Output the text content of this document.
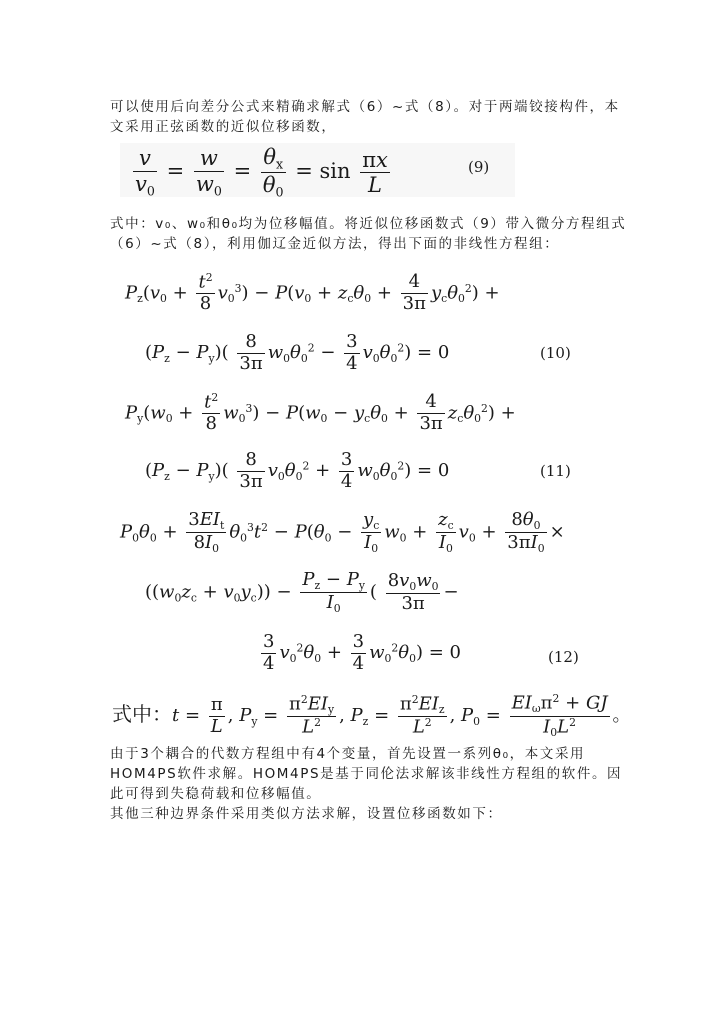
可以使用后向差分公式来精确求解式（6）~式（8）。对于两端铰接构件，本文采用正弦函数的近似位移函数，

$\frac{v}{v_0} = \frac{w}{w_0} = \frac{\theta_x}{\theta_0} = \sin \frac{\pi x}{L}$	(9)

式中：v₀、w₀和θ₀均为位移幅值。将近似位移函数式（9）带入微分方程组式（6）~式（8），利用伽辽金近似方法，得出下面的非线性方程组：

$P_z(v_0 + \frac{t^2}{8} v_0^3) - P(v_0 + z_c\theta_0 + \frac{4}{3\pi} y_c\theta_0^2)$ +
$(P_z - P_y)( \frac{8}{3\pi} w_0\theta_0^2 - \frac{3}{4} v_0\theta_0^2) = 0$	(10)
$P_y(w_0 + \frac{t^2}{8} w_0^3) - P(w_0 - y_c\theta_0 + \frac{4}{3\pi} z_c\theta_0^2)$ +
$(P_z - P_y)( \frac{8}{3\pi} v_0\theta_0^2 + \frac{3}{4} w_0\theta_0^2) = 0$	(11)
$P_0\theta_0 + \frac{3EI_t}{8I_0} \theta_0^3t^2 - P(\theta_0 - \frac{y_c}{I_0} w_0 + \frac{z_c}{I_0} v_0 + \frac{8\theta_0}{3\pi I_0}$ ×
$((w_0z_c + v_0y_c)) - \frac{P_z - P_y}{I_0}$ ( $\frac{8v_0w_0}{3\pi}$ −
$\frac{3}{4} v_0^2\theta_0 + \frac{3}{4} w_0^2\theta_0) = 0$	(12)
式中：$t = \frac{\pi}{L}$ , $P_y = \frac{\pi^2EI_y}{L^2}$ , $P_z = \frac{\pi^2EI_z}{L^2}$ , $P_0 = \frac{EI_\omega\pi^2 + GJ}{I_0L^2}$ 。

由于3个耦合的代数方程组中有4个变量，首先设置一系列θ₀，本文采用HOM4PS软件求解。HOM4PS是基于同伦法求解该非线性方程组的软件。因此可得到失稳荷载和位移幅值。

其他三种边界条件采用类似方法求解，设置位移函数如下：
